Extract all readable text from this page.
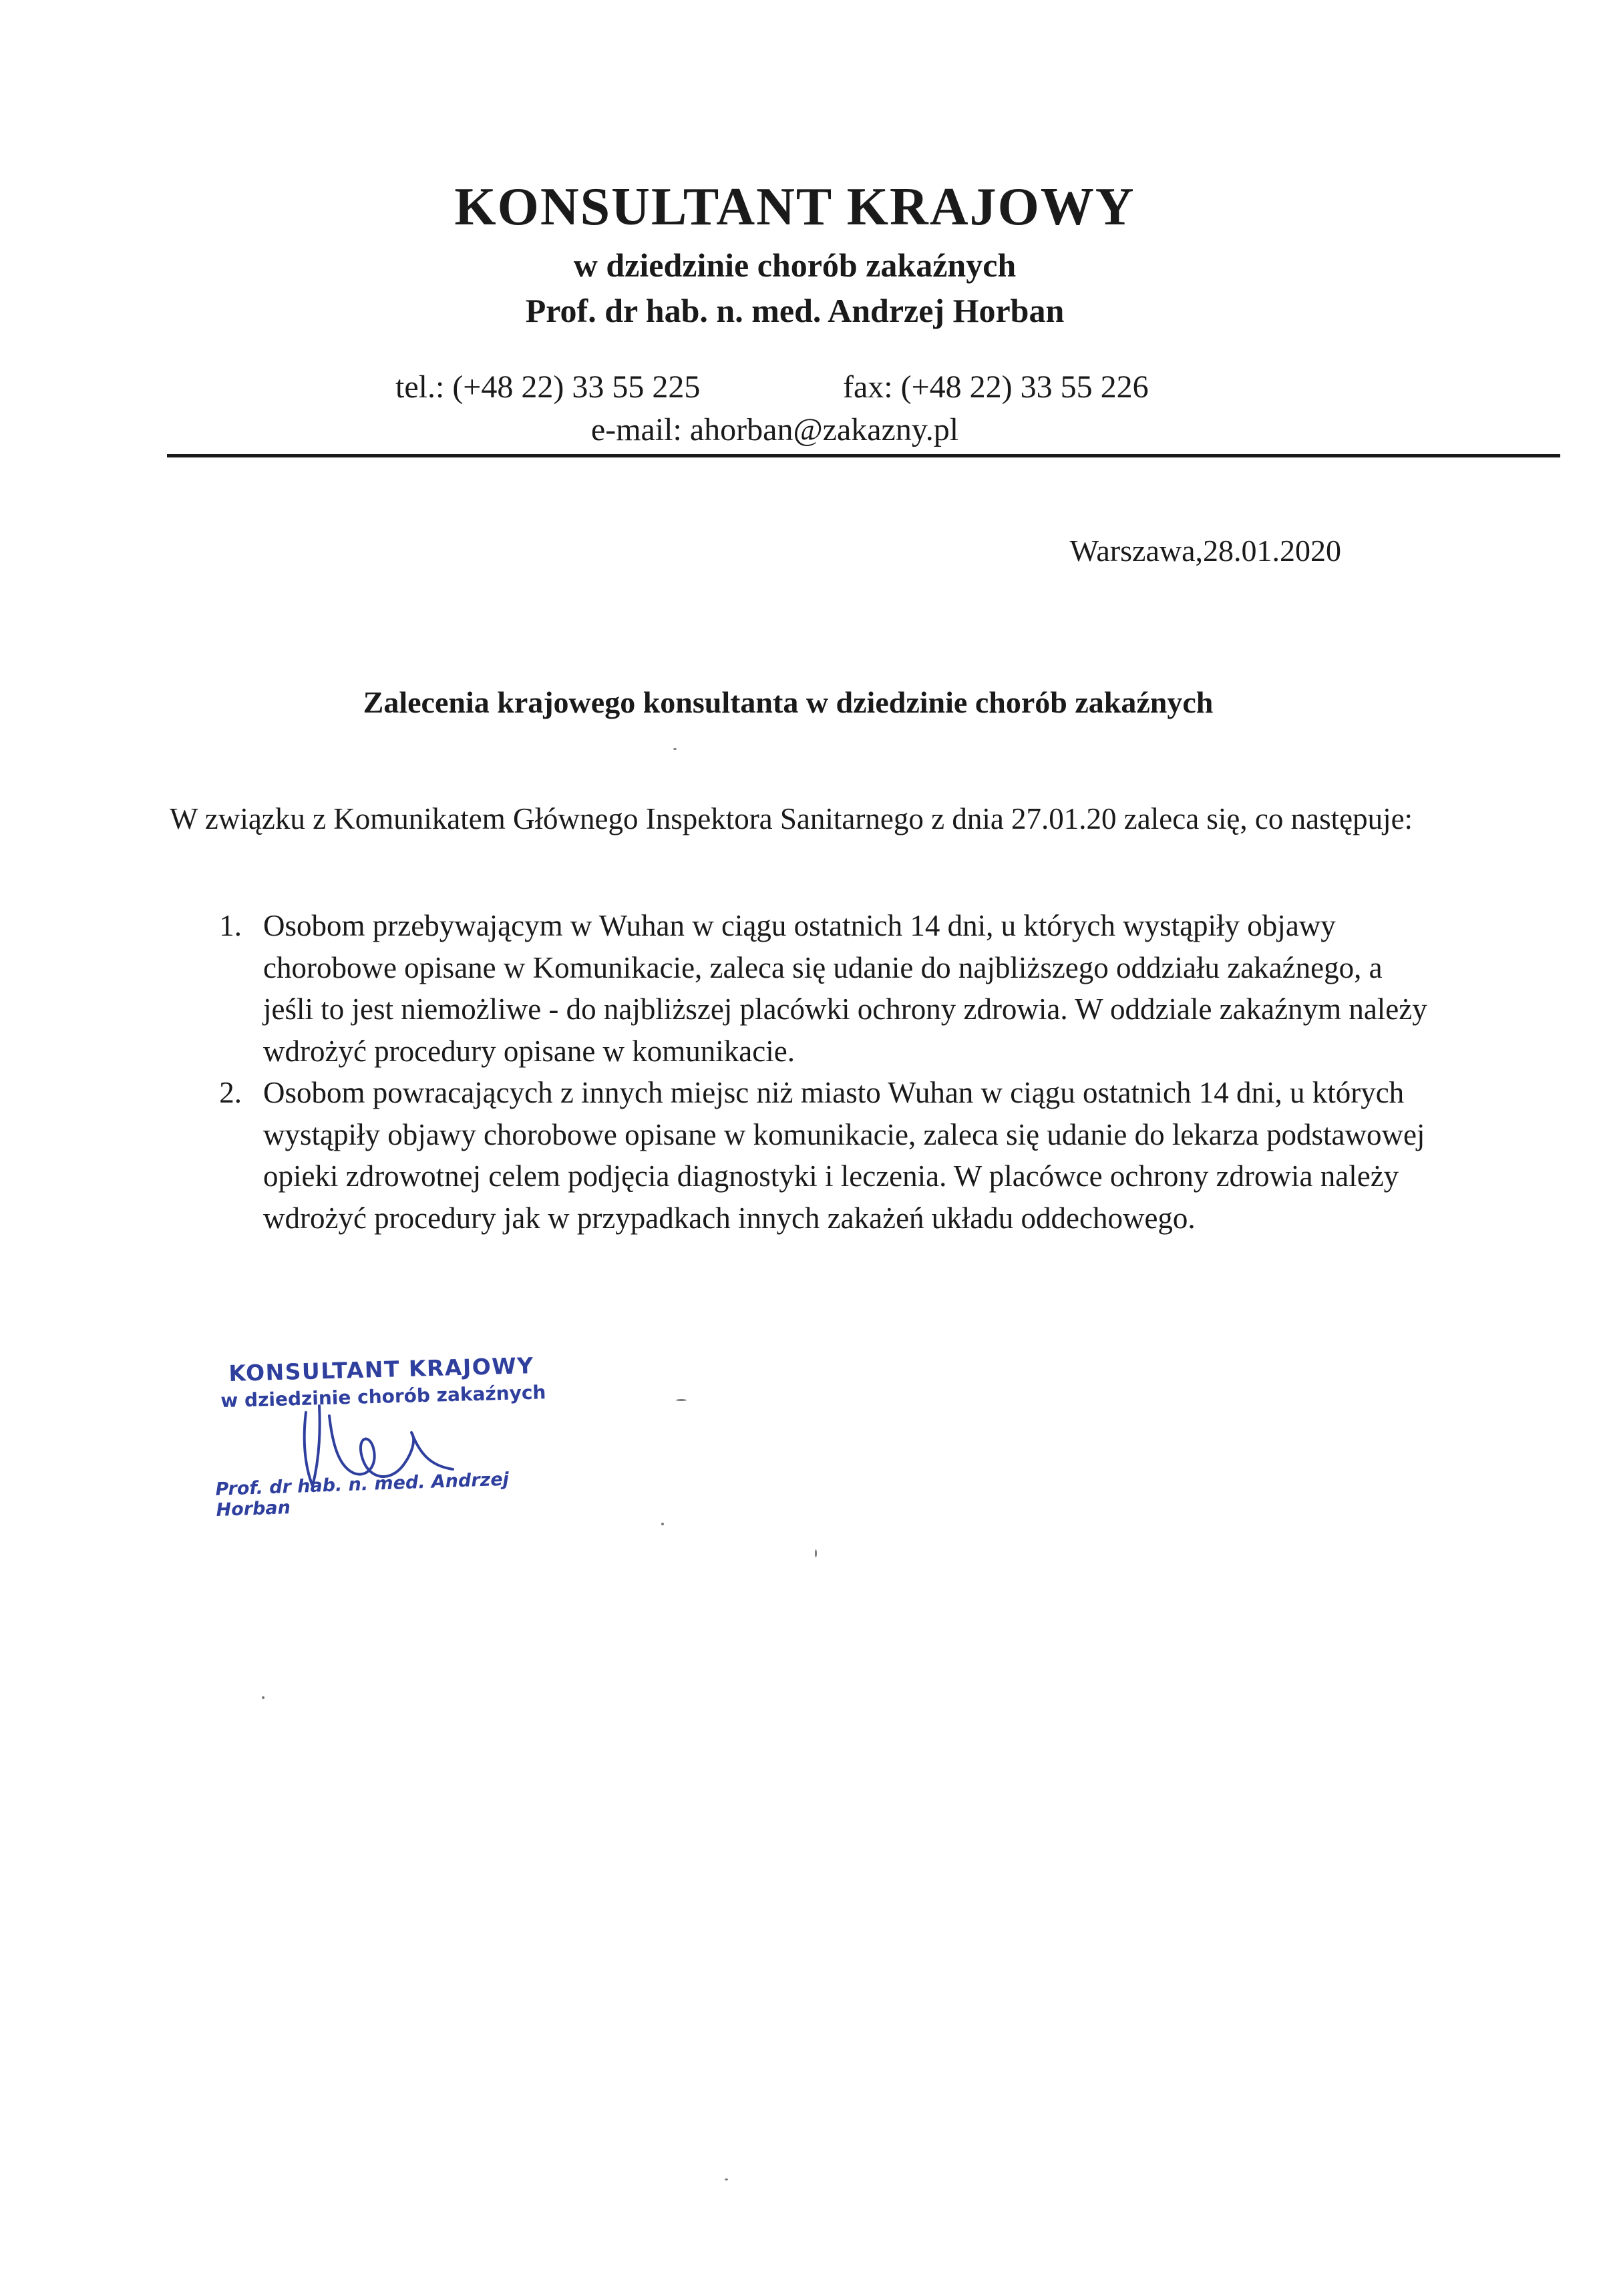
KONSULTANT KRAJOWY
w dziedzinie chorób zakaźnych
Prof. dr hab. n. med. Andrzej Horban
tel.: (+48 22) 33 55 225	fax: (+48 22) 33 55 226
e-mail: ahorban@zakazny.pl
Warszawa,28.01.2020
Zalecenia krajowego konsultanta w dziedzinie chorób zakaźnych
W związku z Komunikatem Głównego Inspektora Sanitarnego z dnia 27.01.20 zaleca się, co następuje:
1. Osobom przebywającym w Wuhan w ciągu ostatnich 14 dni, u których wystąpiły objawy chorobowe opisane w Komunikacie, zaleca się udanie do najbliższego oddziału zakaźnego, a jeśli to jest niemożliwe - do najbliższej placówki ochrony zdrowia. W oddziale zakaźnym należy wdrożyć procedury opisane w komunikacie.
2. Osobom powracających z innych miejsc niż miasto Wuhan w ciągu ostatnich 14 dni, u których wystąpiły objawy chorobowe opisane w komunikacie, zaleca się udanie do lekarza podstawowej opieki zdrowotnej celem podjęcia diagnostyki i leczenia. W placówce ochrony zdrowia należy wdrożyć procedury jak w przypadkach innych zakażeń układu oddechowego.
KONSULTANT KRAJOWY
w dziedzinie chorób zakaźnych
Prof. dr hab. n. med. Andrzej Horban
